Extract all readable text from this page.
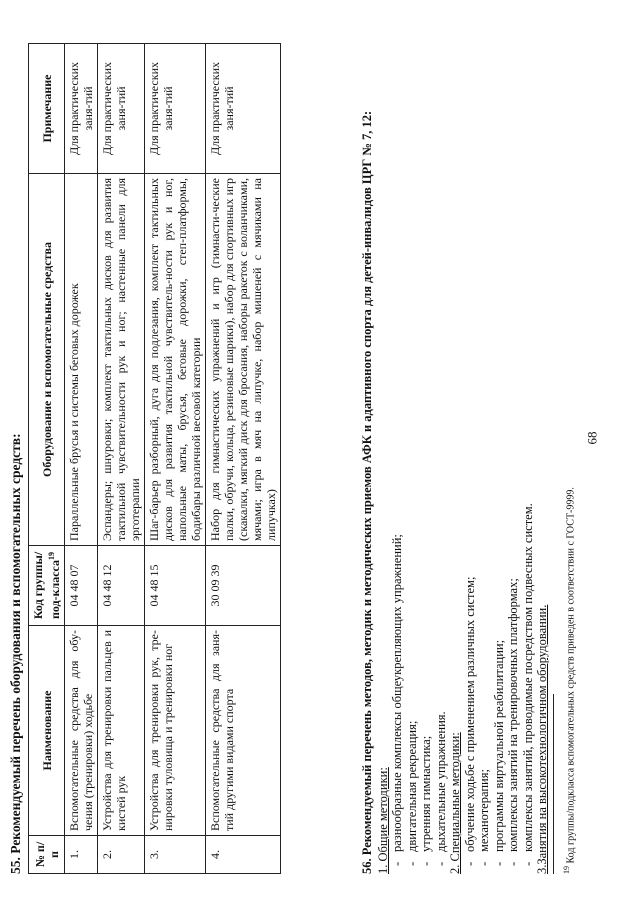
68
55. Рекомендуемый перечень оборудования и вспомогательных средств: № п/п	Наименование	Код группы/под-класса$^{19}$	Оборудование и вспомогательные средства	Примечание
1.	Вспомогательные средства для обу-чения (тренировки) ходьбе	04 48 07	Параллельные брусья и системы беговых дорожек	Для практических заня-тий
2.	Устройства для тренировки пальцев и кистей рук	04 48 12	Эспандеры; шнуровки; комплект тактильных дисков для развития тактильной чувствительности рук и ног; настенные панели для эрготерапии	Для практических заня-тий
3.	Устройства для тренировки рук, тре-нировки туловища и тренировки ног	04 48 15	Шаг-барьер разборный, дуга для подлезания, комплект тактильных дисков для развития тактильной чувствитель-ности рук и ног, напольные маты, брусья, беговые дорожки, степ-платформы, бодибары различной весовой категории	Для практических заня-тий
4.	Вспомогательные средства для заня-тий другими видами спорта	30 09 39	Набор для гимнастических упражнений и игр (гимнасти-ческие палки, обручи, кольца, резиновые шарики), набор для спортивных игр (скакалки, мягкий диск для бросания, наборы ракеток с воланчиками, мячами; игра в мяч на липучке, набор мишеней с мячиками на липучках)	Для практических заня-тий
56. Рекомендуемый перечень методов, методик и методических приемов АФК и адаптивного спорта для детей-инвалидов ЦРГ № 7, 12: 1. Общие методики: - разнообразные комплексы общеукрепляющих упражнений; - двигательная рекреация; - утренняя гимнастика; - дыхательные упражнения. 2. Специальные методики: - обучение ходьбе с применением различных систем; - механотерапия; - программы виртуальной реабилитации; - комплексы занятий на тренировочных платформах; - комплексы занятий, проводимые посредством подвесных систем. 3.Занятия на высокотехнологичном оборудовании. $^{19}$ Код группы/подкласса вспомогательных средств приведен в соответствии с ГОСТ-9999.
